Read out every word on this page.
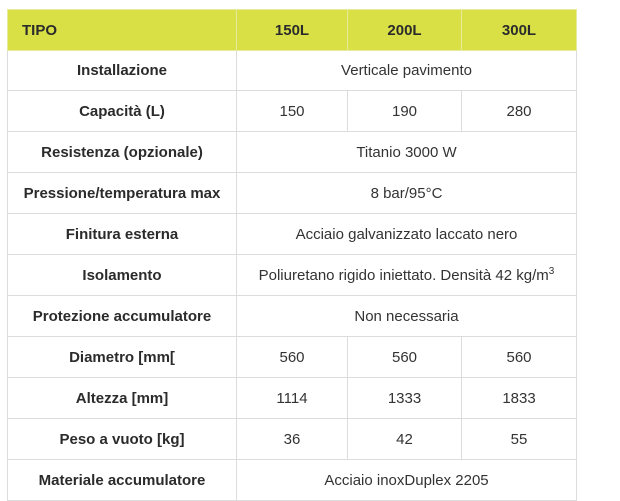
TIPO	150L	200L	300L
Installazione	Verticale pavimento		
Capacità (L)	150	190	280
Resistenza (opzionale)	Titanio 3000 W		
Pressione/temperatura max	8 bar/95°C		
Finitura esterna	Acciaio galvanizzato laccato nero		
Isolamento	Poliuretano rigido iniettato. Densità 42 $kg/m^3$
Protezione accumulatore	Non necessaria		
Diametro [mm[	560	560	560
Altezza [mm]	1114	1333	1833
Peso a vuoto [kg]	36	42	55
Materiale accumulatore	Acciaio inoxDuplex 2205		
